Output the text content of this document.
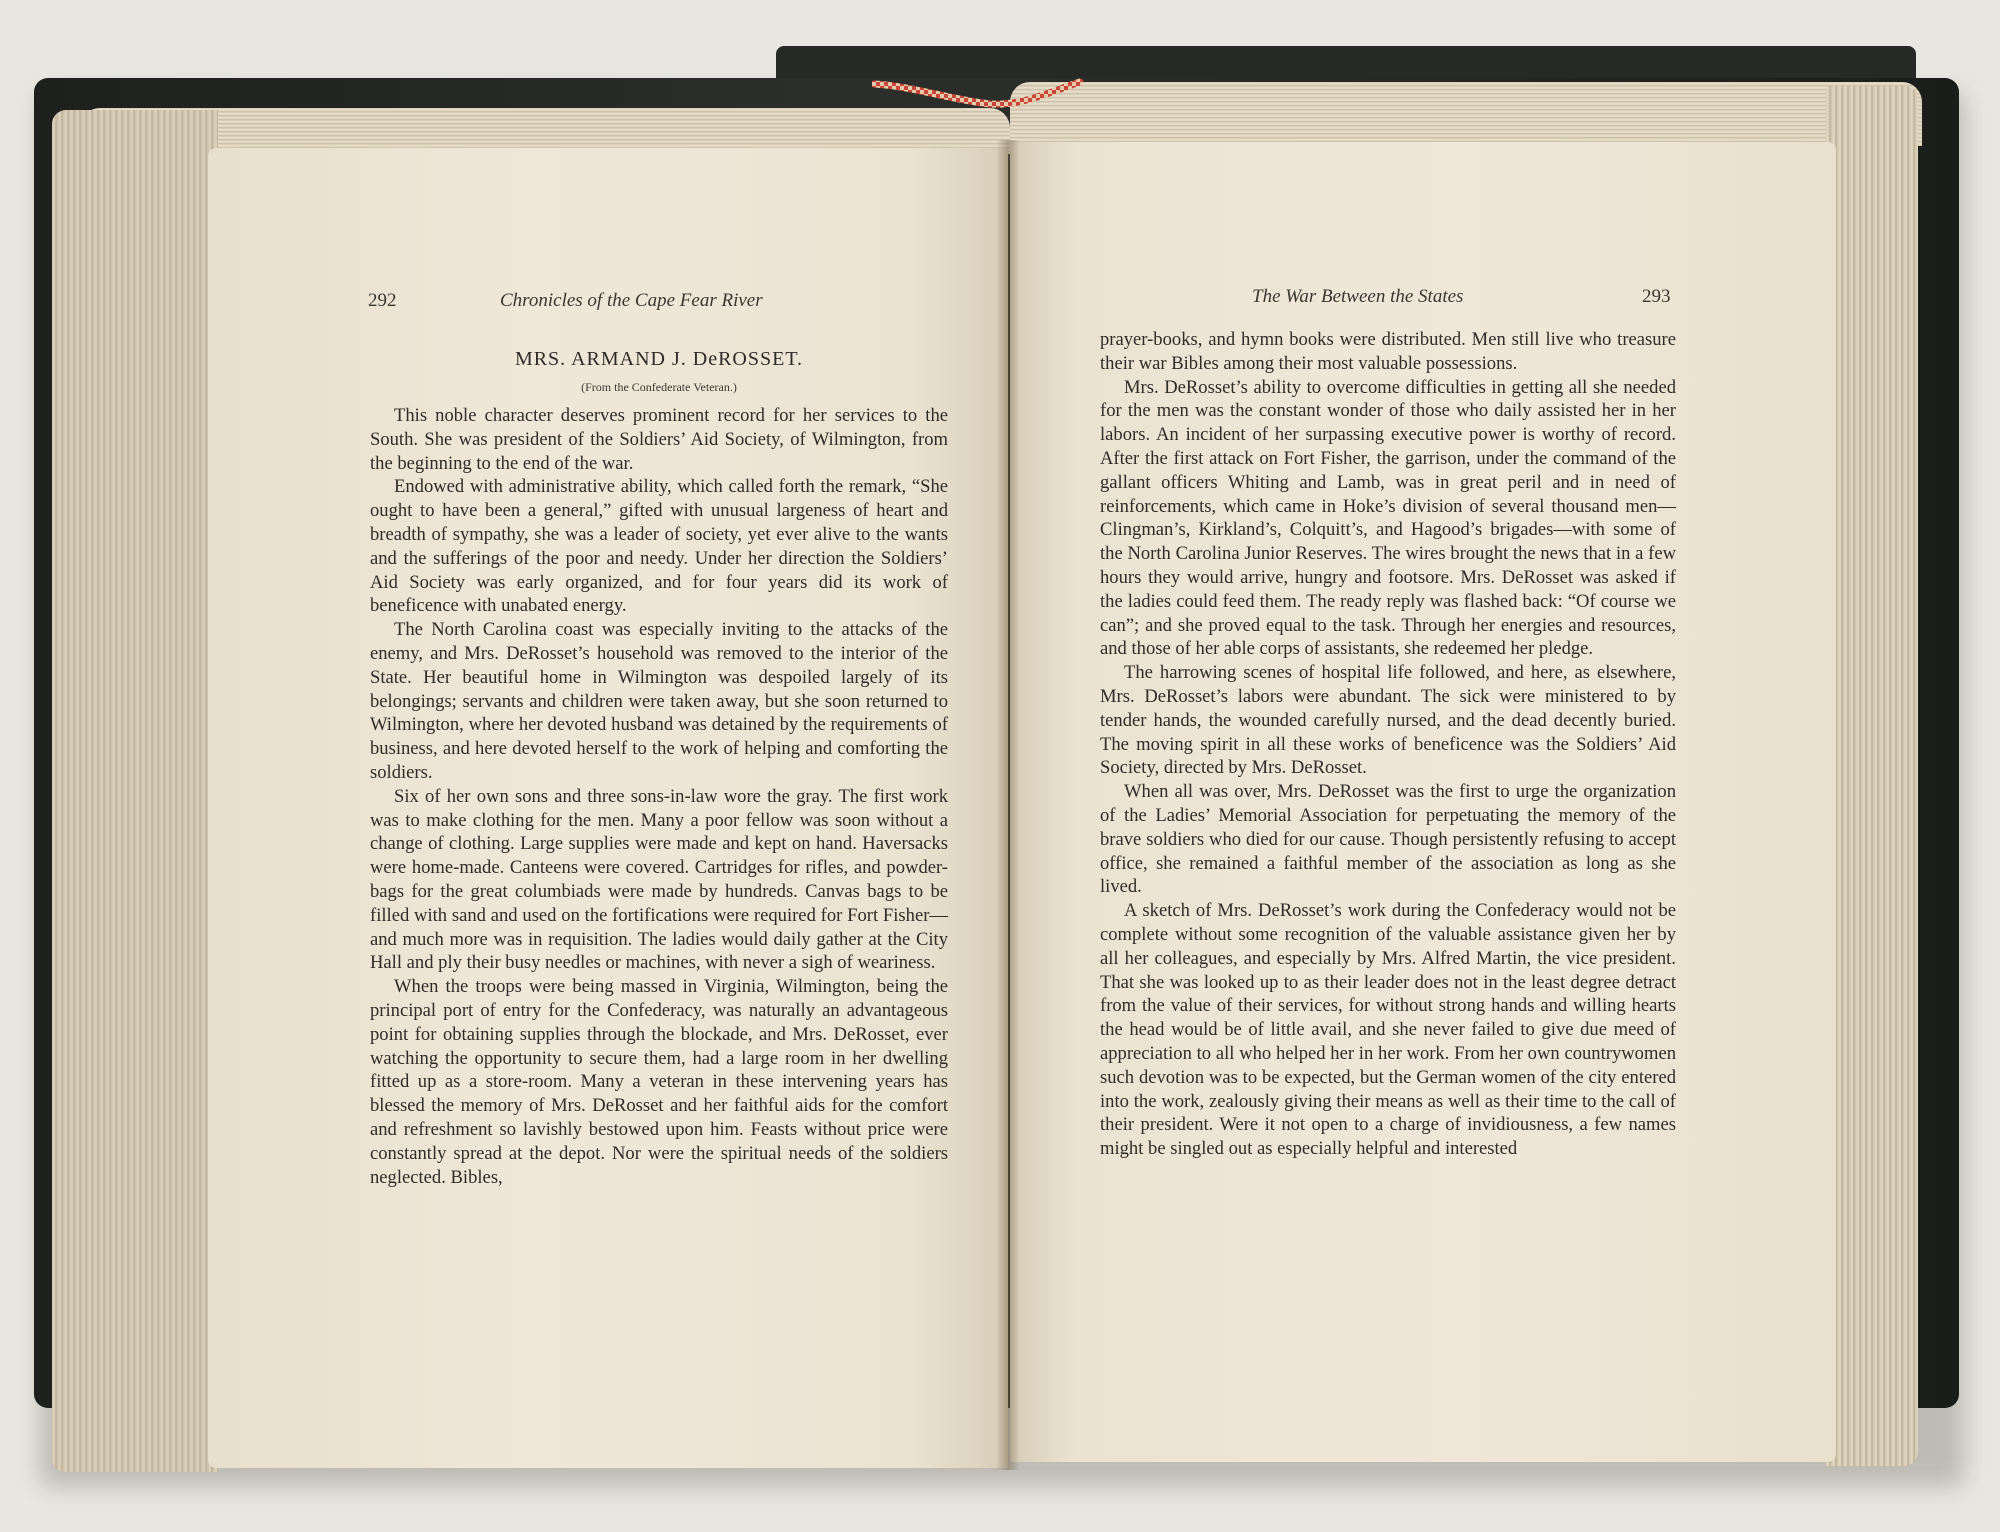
292	Chronicles of the Cape Fear River
MRS. ARMAND J. DeROSSET.
(From the Confederate Veteran.)

This noble character deserves prominent record for her services to the South. She was president of the Soldiers’ Aid Society, of Wilmington, from the beginning to the end of the war.

Endowed with administrative ability, which called forth the remark, “She ought to have been a general,” gifted with unusual largeness of heart and breadth of sympathy, she was a leader of society, yet ever alive to the wants and the sufferings of the poor and needy. Under her direction the Soldiers’ Aid Society was early organized, and for four years did its work of beneficence with unabated energy.

The North Carolina coast was especially inviting to the attacks of the enemy, and Mrs. DeRosset’s household was removed to the interior of the State. Her beautiful home in Wilmington was despoiled largely of its belongings; servants and children were taken away, but she soon returned to Wilmington, where her devoted husband was detained by the requirements of business, and here devoted herself to the work of helping and comforting the soldiers.

Six of her own sons and three sons-in-law wore the gray. The first work was to make clothing for the men. Many a poor fellow was soon without a change of clothing. Large supplies were made and kept on hand. Haversacks were home-made. Canteens were covered. Cartridges for rifles, and powder-bags for the great columbiads were made by hundreds. Canvas bags to be filled with sand and used on the fortifications were required for Fort Fisher—and much more was in requisition. The ladies would daily gather at the City Hall and ply their busy needles or machines, with never a sigh of weariness.

When the troops were being massed in Virginia, Wilmington, being the principal port of entry for the Confederacy, was naturally an advantageous point for obtaining supplies through the blockade, and Mrs. DeRosset, ever watching the opportunity to secure them, had a large room in her dwelling fitted up as a store-room. Many a veteran in these intervening years has blessed the memory of Mrs. DeRosset and her faithful aids for the comfort and refreshment so lavishly bestowed upon him. Feasts without price were constantly spread at the depot. Nor were the spiritual needs of the soldiers neglected. Bibles,

The War Between the States	293

prayer-books, and hymn books were distributed. Men still live who treasure their war Bibles among their most valuable possessions.

Mrs. DeRosset’s ability to overcome difficulties in getting all she needed for the men was the constant wonder of those who daily assisted her in her labors. An incident of her surpassing executive power is worthy of record. After the first attack on Fort Fisher, the garrison, under the command of the gallant officers Whiting and Lamb, was in great peril and in need of reinforcements, which came in Hoke’s division of several thousand men—Clingman’s, Kirkland’s, Colquitt’s, and Hagood’s brigades—with some of the North Carolina Junior Reserves. The wires brought the news that in a few hours they would arrive, hungry and footsore. Mrs. DeRosset was asked if the ladies could feed them. The ready reply was flashed back: “Of course we can”; and she proved equal to the task. Through her energies and resources, and those of her able corps of assistants, she redeemed her pledge.

The harrowing scenes of hospital life followed, and here, as elsewhere, Mrs. DeRosset’s labors were abundant. The sick were ministered to by tender hands, the wounded carefully nursed, and the dead decently buried. The moving spirit in all these works of beneficence was the Soldiers’ Aid Society, directed by Mrs. DeRosset.

When all was over, Mrs. DeRosset was the first to urge the organization of the Ladies’ Memorial Association for perpetuating the memory of the brave soldiers who died for our cause. Though persistently refusing to accept office, she remained a faithful member of the association as long as she lived.

A sketch of Mrs. DeRosset’s work during the Confederacy would not be complete without some recognition of the valuable assistance given her by all her colleagues, and especially by Mrs. Alfred Martin, the vice president. That she was looked up to as their leader does not in the least degree detract from the value of their services, for without strong hands and willing hearts the head would be of little avail, and she never failed to give due meed of appreciation to all who helped her in her work. From her own countrywomen such devotion was to be expected, but the German women of the city entered into the work, zealously giving their means as well as their time to the call of their president. Were it not open to a charge of invidiousness, a few names might be singled out as especially helpful and interested
